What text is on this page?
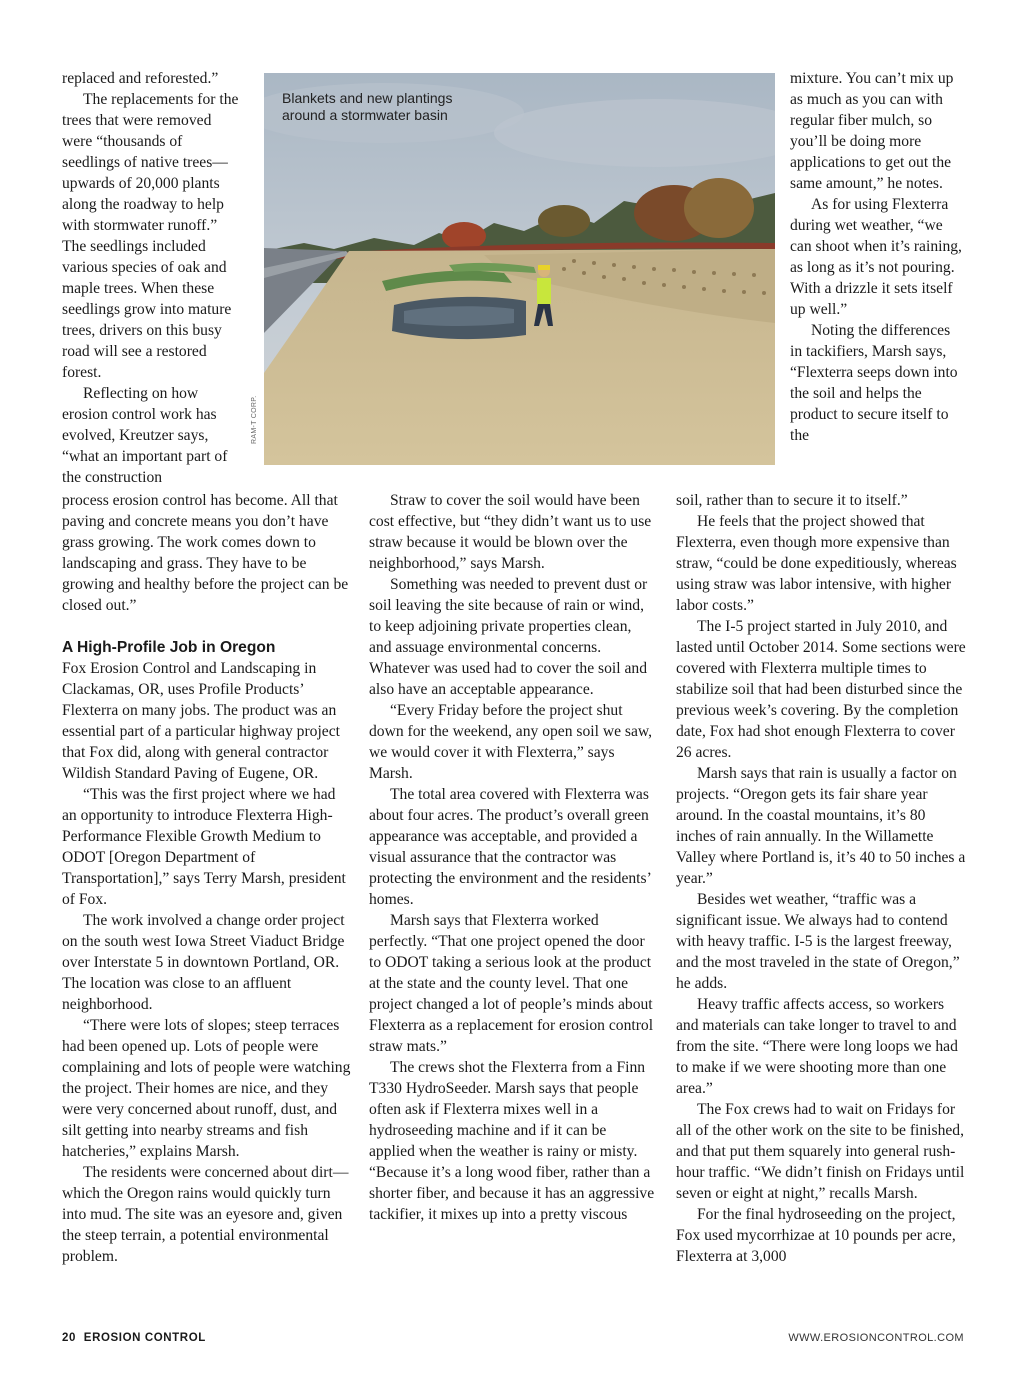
replaced and reforested.”

The replacements for the trees that were removed were “thousands of seedlings of native trees—upwards of 20,000 plants along the roadway to help with stormwater runoff.” The seedlings included various species of oak and maple trees. When these seedlings grow into mature trees, drivers on this busy road will see a restored forest.

Reflecting on how erosion control work has evolved, Kreutzer says, “what an important part of the construction

Blankets and new plantings
around a stormwater basin
RAM-T CORP.

mixture. You can’t mix up as much as you can with regular fiber mulch, so you’ll be doing more applications to get out the same amount,” he notes.

As for using Flexterra during wet weather, “we can shoot when it’s raining, as long as it’s not pouring. With a drizzle it sets itself up well.”

Noting the differences in tackifiers, Marsh says, “Flexterra seeps down into the soil and helps the product to secure itself to the

process erosion control has become. All that paving and concrete means you don’t have grass growing. The work comes down to landscaping and grass. They have to be growing and healthy before the project can be closed out.”

A High-Profile Job in Oregon

Fox Erosion Control and Landscaping in Clackamas, OR, uses Profile Products’ Flexterra on many jobs. The product was an essential part of a particular highway project that Fox did, along with general contractor Wildish Standard Paving of Eugene, OR.

“This was the first project where we had an opportunity to introduce Flexterra High-Performance Flexible Growth Medium to ODOT [Oregon Department of Transportation],” says Terry Marsh, president of Fox.

The work involved a change order project on the south west Iowa Street Viaduct Bridge over Interstate 5 in downtown Portland, OR. The location was close to an affluent neighborhood.

“There were lots of slopes; steep terraces had been opened up. Lots of people were complaining and lots of people were watching the project. Their homes are nice, and they were very concerned about runoff, dust, and silt getting into nearby streams and fish hatcheries,” explains Marsh.

The residents were concerned about dirt—which the Oregon rains would quickly turn into mud. The site was an eyesore and, given the steep terrain, a potential environmental problem.

Straw to cover the soil would have been cost effective, but “they didn’t want us to use straw because it would be blown over the neighborhood,” says Marsh.

Something was needed to prevent dust or soil leaving the site because of rain or wind, to keep adjoining private properties clean, and assuage environmental concerns. Whatever was used had to cover the soil and also have an acceptable appearance.

“Every Friday before the project shut down for the weekend, any open soil we saw, we would cover it with Flexterra,” says Marsh.

The total area covered with Flexterra was about four acres. The product’s overall green appearance was acceptable, and provided a visual assurance that the contractor was protecting the environment and the residents’ homes.

Marsh says that Flexterra worked perfectly. “That one project opened the door to ODOT taking a serious look at the product at the state and the county level. That one project changed a lot of people’s minds about Flexterra as a replacement for erosion control straw mats.”

The crews shot the Flexterra from a Finn T330 HydroSeeder. Marsh says that people often ask if Flexterra mixes well in a hydroseeding machine and if it can be applied when the weather is rainy or misty. “Because it’s a long wood fiber, rather than a shorter fiber, and because it has an aggressive tackifier, it mixes up into a pretty viscous

soil, rather than to secure it to itself.”

He feels that the project showed that Flexterra, even though more expensive than straw, “could be done expeditiously, whereas using straw was labor intensive, with higher labor costs.”

The I-5 project started in July 2010, and lasted until October 2014. Some sections were covered with Flexterra multiple times to stabilize soil that had been disturbed since the previous week’s covering. By the completion date, Fox had shot enough Flexterra to cover 26 acres.

Marsh says that rain is usually a factor on projects. “Oregon gets its fair share year around. In the coastal mountains, it’s 80 inches of rain annually. In the Willamette Valley where Portland is, it’s 40 to 50 inches a year.”

Besides wet weather, “traffic was a significant issue. We always had to contend with heavy traffic. I-5 is the largest freeway, and the most traveled in the state of Oregon,” he adds.

Heavy traffic affects access, so workers and materials can take longer to travel to and from the site. “There were long loops we had to make if we were shooting more than one area.”

The Fox crews had to wait on Fridays for all of the other work on the site to be finished, and that put them squarely into general rush-hour traffic. “We didn’t finish on Fridays until seven or eight at night,” recalls Marsh.

For the final hydroseeding on the project, Fox used mycorrhizae at 10 pounds per acre, Flexterra at 3,000

20 EROSION CONTROL	WWW.EROSIONCONTROL.COM
